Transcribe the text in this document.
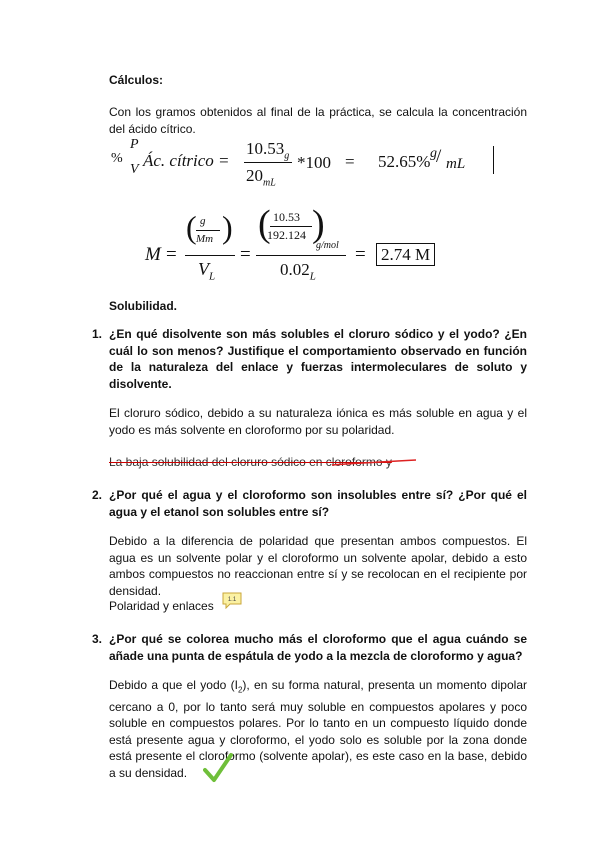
Cálculos:
Con los gramos obtenidos al final de la práctica, se calcula la concentración del ácido cítrico.
%
P
V Ác. cítrico =
$10.53_g$
$20_{mL}$
*100 = 52.65% g / mL
M =
( g
Mm )
$V_L$
=
( 10.53
192.124 )
g/mol
$0.02_L$
= 2.74 M
Solubilidad.
1. ¿En qué disolvente son más solubles el cloruro sódico y el yodo? ¿En cuál lo son menos? Justifique el comportamiento observado en función de la naturaleza del enlace y fuerzas intermoleculares de soluto y disolvente.
El cloruro sódico, debido a su naturaleza iónica es más soluble en agua y el yodo es más solvente en cloroformo por su polaridad.
La baja solubilidad del cloruro sódico en cloroformo y
2. ¿Por qué el agua y el cloroformo son insolubles entre sí? ¿Por qué el agua y el etanol son solubles entre sí?
Debido a la diferencia de polaridad que presentan ambos compuestos. El agua es un solvente polar y el cloroformo un solvente apolar, debido a esto ambos compuestos no reaccionan entre sí y se recolocan en el recipiente por densidad.
Polaridad y enlaces	1.1
3. ¿Por qué se colorea mucho más el cloroformo que el agua cuándo se añade una punta de espátula de yodo a la mezcla de cloroformo y agua?
Debido a que el yodo $(I_2)$, en su forma natural, presenta un momento dipolar cercano a 0, por lo tanto será muy soluble en compuestos apolares y poco soluble en compuestos polares. Por lo tanto en un compuesto líquido donde está presente agua y cloroformo, el yodo solo es soluble por la zona donde está presente el cloroformo (solvente apolar), es este caso en la base, debido a su densidad.
